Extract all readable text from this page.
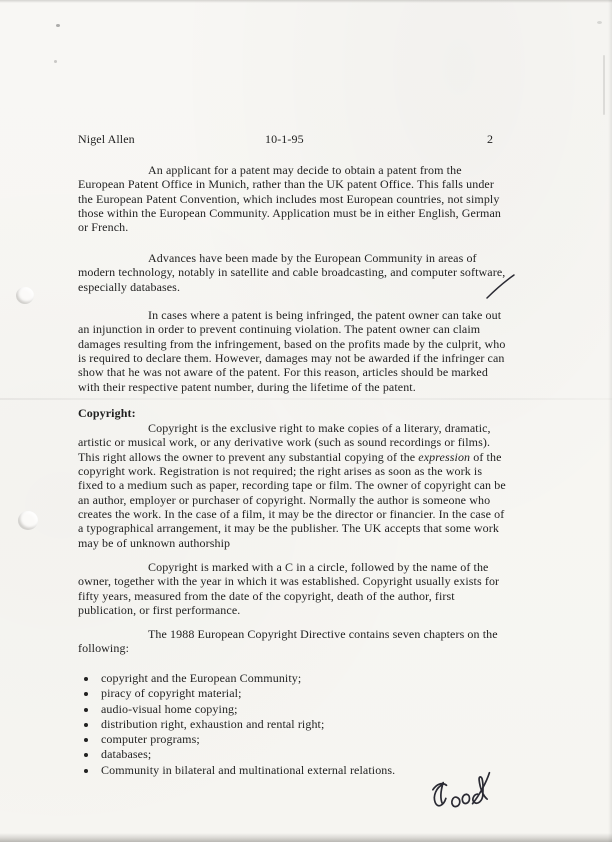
Nigel Allen	10-1-95	2
An applicant for a patent may decide to obtain a patent from the European Patent Office in Munich, rather than the UK patent Office. This falls under the European Patent Convention, which includes most European countries, not simply those within the European Community. Application must be in either English, German or French.
Advances have been made by the European Community in areas of modern technology, notably in satellite and cable broadcasting, and computer software, especially databases.
In cases where a patent is being infringed, the patent owner can take out an injunction in order to prevent continuing violation. The patent owner can claim damages resulting from the infringement, based on the profits made by the culprit, who is required to declare them. However, damages may not be awarded if the infringer can show that he was not aware of the patent. For this reason, articles should be marked with their respective patent number, during the lifetime of the patent.
Copyright:
Copyright is the exclusive right to make copies of a literary, dramatic, artistic or musical work, or any derivative work (such as sound recordings or films). This right allows the owner to prevent any substantial copying of the expression of the copyright work. Registration is not required; the right arises as soon as the work is fixed to a medium such as paper, recording tape or film. The owner of copyright can be an author, employer or purchaser of copyright. Normally the author is someone who creates the work. In the case of a film, it may be the director or financier. In the case of a typographical arrangement, it may be the publisher. The UK accepts that some work may be of unknown authorship
Copyright is marked with a C in a circle, followed by the name of the owner, together with the year in which it was established. Copyright usually exists for fifty years, measured from the date of the copyright, death of the author, first publication, or first performance.
The 1988 European Copyright Directive contains seven chapters on the following:
copyright and the European Community;
piracy of copyright material;
audio-visual home copying;
distribution right, exhaustion and rental right;
computer programs;
databases;
Community in bilateral and multinational external relations.
